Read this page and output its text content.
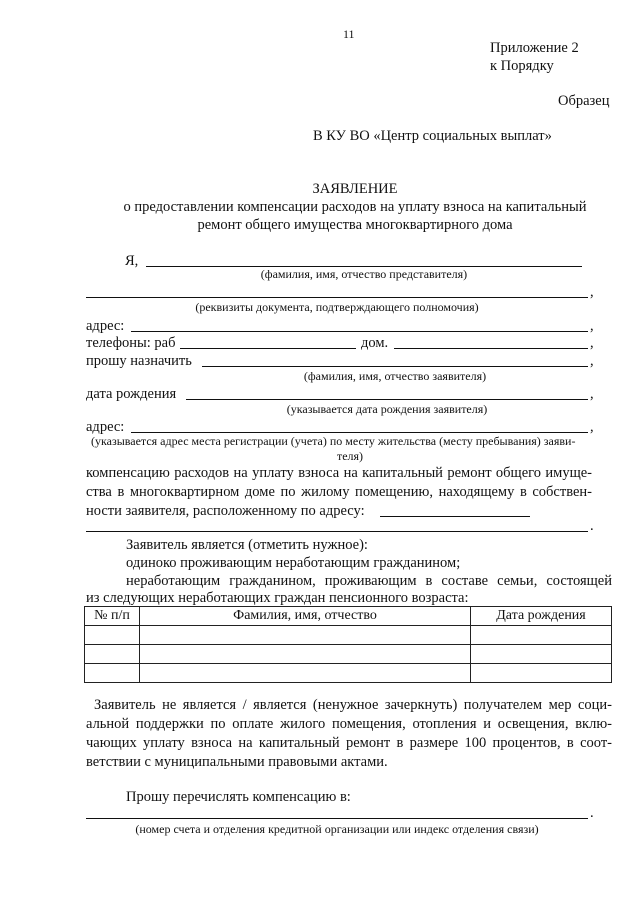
11
Приложение 2
к Порядку
Образец
В КУ ВО «Центр социальных выплат»
ЗАЯВЛЕНИЕ
о предоставлении компенсации расходов на уплату взноса на капитальный
ремонт общего имущества многоквартирного дома
Я,
(фамилия, имя, отчество представителя)
,
(реквизиты документа, подтверждающего полномочия)
адрес:	,
телефоны: раб	дом.	,
прошу назначить	,
(фамилия, имя, отчество заявителя)
дата рождения	,
(указывается дата рождения заявителя)
адрес:	,
(указывается адрес места регистрации (учета) по месту жительства (месту пребывания) заяви-
теля)
компенсацию расходов на уплату взноса на капитальный ремонт общего имуще-
ства в многоквартирном доме по жилому помещению, находящему в собствен-
ности заявителя, расположенному по адресу:
.
Заявитель является (отметить нужное):
одиноко проживающим неработающим гражданином;
неработающим гражданином, проживающим в составе семьи, состоящей
из следующих неработающих граждан пенсионного возраста:
№ п/п	Фамилия, имя, отчество	Дата рождения

Заявитель не является / является (ненужное зачеркнуть) получателем мер соци-
альной поддержки по оплате жилого помещения, отопления и освещения, вклю-
чающих уплату взноса на капитальный ремонт в размере 100 процентов, в соот-
ветствии с муниципальными правовыми актами.
Прошу перечислять компенсацию в:
.
(номер счета и отделения кредитной организации или индекс отделения связи)
